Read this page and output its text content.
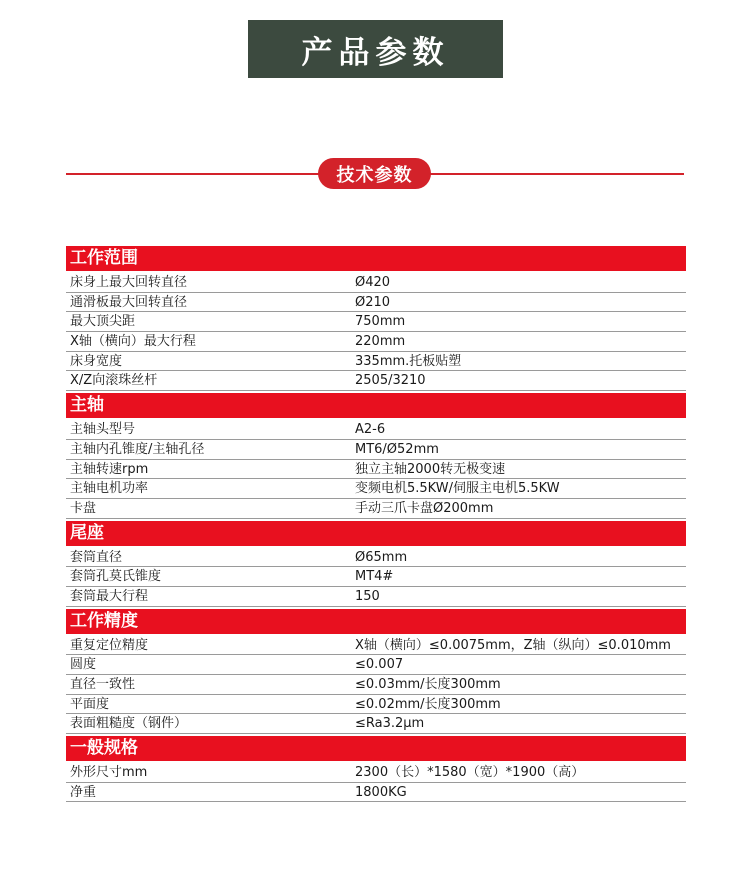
产品参数
技术参数
工作范围
床身上最大回转直径	Ø420
通滑板最大回转直径	Ø210
最大顶尖距	750mm
X轴（横向）最大行程	220mm
床身宽度	335mm.托板贴塑
X/Z向滚珠丝杆	2505/3210
主轴
主轴头型号	A2-6
主轴内孔锥度/主轴孔径	MT6/Ø52mm
主轴转速rpm	独立主轴2000转无极变速
主轴电机功率	变频电机5.5KW/伺服主电机5.5KW
卡盘	手动三爪卡盘Ø200mm
尾座
套筒直径	Ø65mm
套筒孔莫氏锥度	MT4#
套筒最大行程	150
工作精度
重复定位精度	X轴（横向）≤0.0075mm，Z轴（纵向）≤0.010mm
圆度	≤0.007
直径一致性	≤0.03mm/长度300mm
平面度	≤0.02mm/长度300mm
表面粗糙度（钢件）	≤Ra3.2μm
一般规格
外形尺寸mm	2300（长）*1580（宽）*1900（高）
净重	1800KG
